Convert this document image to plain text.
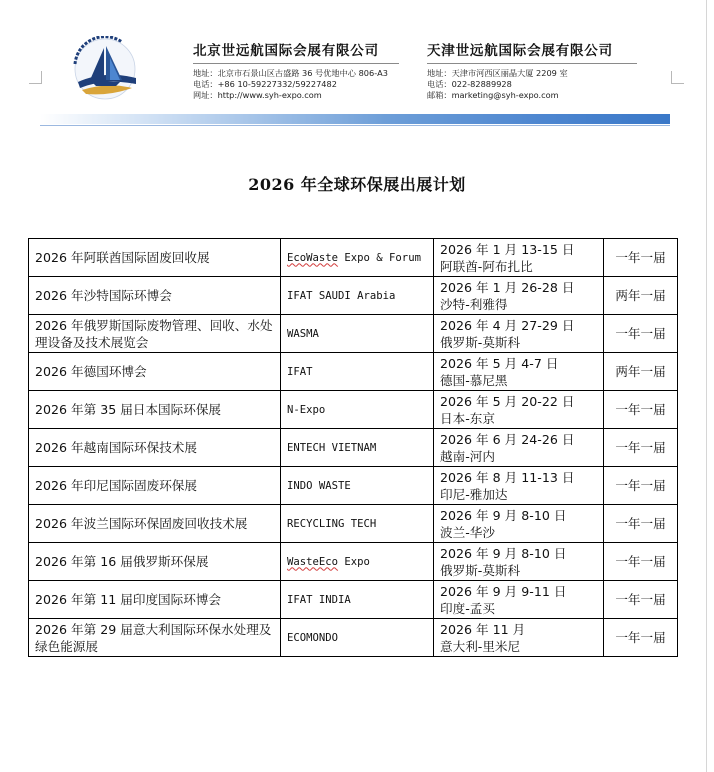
北京世远航国际会展有限公司
地址：北京市石景山区古盛路 36 号优地中心 806-A3
电话：+86 10-59227332/59227482
网址：http://www.syh-expo.com
天津世远航国际会展有限公司
地址：天津市河西区丽晶大厦 2209 室
电话：022-82889928
邮箱：marketing@syh-expo.com
2026 年全球环保展出展计划
2026 年阿联酋国际固废回收展	EcoWaste Expo & Forum	2026 年 1 月 13-15 日
阿联酋-阿布扎比	一年一届
2026 年沙特国际环博会	IFAT SAUDI Arabia	2026 年 1 月 26-28 日
沙特-利雅得	两年一届
2026 年俄罗斯国际废物管理、回收、水处理设备及技术展览会	WASMA	2026 年 4 月 27-29 日
俄罗斯-莫斯科	一年一届
2026 年德国环博会	IFAT	2026 年 5 月 4-7 日
德国-慕尼黑	两年一届
2026 年第 35 届日本国际环保展	N-Expo	2026 年 5 月 20-22 日
日本-东京	一年一届
2026 年越南国际环保技术展	ENTECH VIETNAM	2026 年 6 月 24-26 日
越南-河内	一年一届
2026 年印尼国际固废环保展	INDO WASTE	2026 年 8 月 11-13 日
印尼-雅加达	一年一届
2026 年波兰国际环保固废回收技术展	RECYCLING TECH	2026 年 9 月 8-10 日
波兰-华沙	一年一届
2026 年第 16 届俄罗斯环保展	WasteEco Expo	2026 年 9 月 8-10 日
俄罗斯-莫斯科	一年一届
2026 年第 11 届印度国际环博会	IFAT INDIA	2026 年 9 月 9-11 日
印度-孟买	一年一届
2026 年第 29 届意大利国际环保水处理及绿色能源展	ECOMONDO	2026 年 11 月
意大利-里米尼	一年一届
